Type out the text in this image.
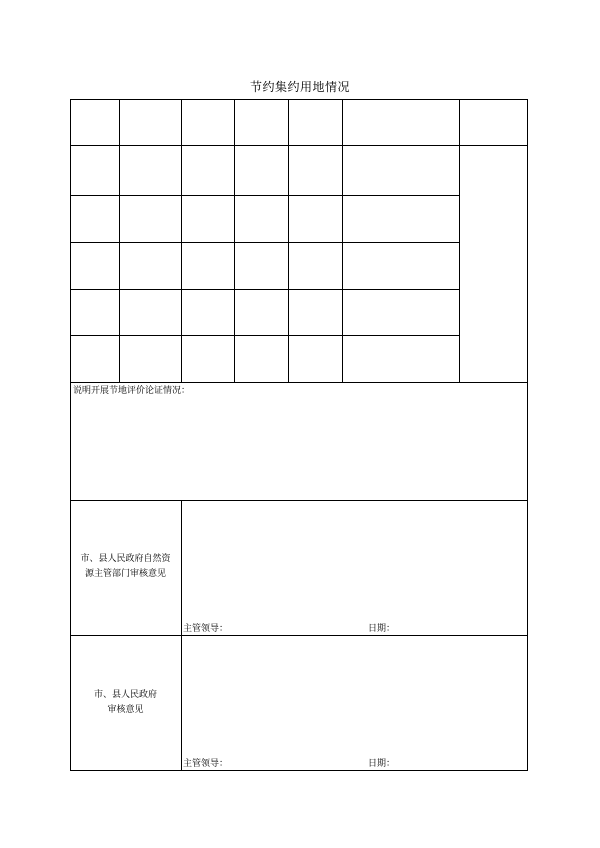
节约集约用地情况
说明开展节地评价论证情况：
市、县人民政府自然资
源主管部门审核意见
主管领导：	日期：
市、县人民政府
审核意见
主管领导：	日期：
